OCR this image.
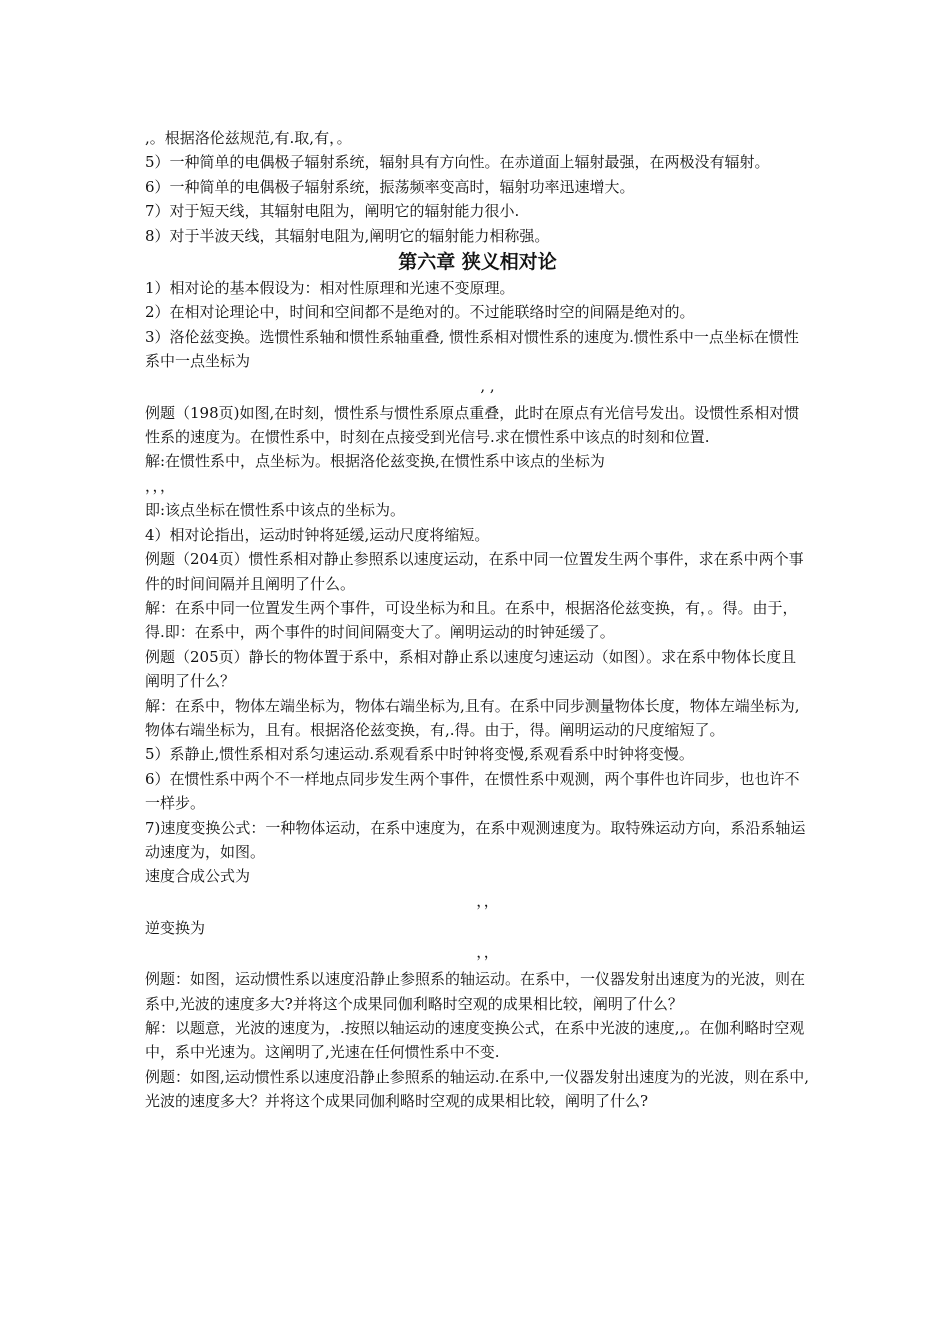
,。根据洛伦兹规范,有.取,有，。

5）一种简单的电偶极子辐射系统，辐射具有方向性。在赤道面上辐射最强，在两极没有辐射。

6）一种简单的电偶极子辐射系统，振荡频率变高时，辐射功率迅速增大。

7）对于短天线，其辐射电阻为，阐明它的辐射能力很小.

8）对于半波天线，其辐射电阻为,阐明它的辐射能力相称强。

第六章 狭义相对论

1）相对论的基本假设为：相对性原理和光速不变原理。

2）在相对论理论中，时间和空间都不是绝对的。不过能联络时空的间隔是绝对的。

3）洛伦兹变换。选惯性系轴和惯性系轴重叠, 惯性系相对惯性系的速度为.惯性系中一点坐标在惯性系中一点坐标为

, ,

例题（198页)如图,在时刻，惯性系与惯性系原点重叠，此时在原点有光信号发出。设惯性系相对惯性系的速度为。在惯性系中，时刻在点接受到光信号.求在惯性系中该点的时刻和位置.

解:在惯性系中，点坐标为。根据洛伦兹变换,在惯性系中该点的坐标为

，，，

即:该点坐标在惯性系中该点的坐标为。

4）相对论指出，运动时钟将延缓,运动尺度将缩短。

例题（204页）惯性系相对静止参照系以速度运动，在系中同一位置发生两个事件，求在系中两个事件的时间间隔并且阐明了什么。

解：在系中同一位置发生两个事件，可设坐标为和且。在系中，根据洛伦兹变换，有，。得。由于，得.即：在系中，两个事件的时间间隔变大了。阐明运动的时钟延缓了。

例题（205页）静长的物体置于系中，系相对静止系以速度匀速运动（如图）。求在系中物体长度且阐明了什么？

解：在系中，物体左端坐标为，物体右端坐标为,且有。在系中同步测量物体长度，物体左端坐标为,物体右端坐标为，且有。根据洛伦兹变换，有,.得。由于，得。阐明运动的尺度缩短了。

5）系静止,惯性系相对系匀速运动.系观看系中时钟将变慢,系观看系中时钟将变慢。

6）在惯性系中两个不一样地点同步发生两个事件，在惯性系中观测，两个事件也许同步，也也许不一样步。

7)速度变换公式：一种物体运动，在系中速度为，在系中观测速度为。取特殊运动方向，系沿系轴运动速度为，如图。

速度合成公式为

，，

逆变换为

，，

例题：如图，运动惯性系以速度沿静止参照系的轴运动。在系中，一仪器发射出速度为的光波，则在系中,光波的速度多大?并将这个成果同伽利略时空观的成果相比较，阐明了什么？

解：以题意，光波的速度为，.按照以轴运动的速度变换公式，在系中光波的速度,,。在伽利略时空观中，系中光速为。这阐明了,光速在任何惯性系中不变.

例题：如图,运动惯性系以速度沿静止参照系的轴运动.在系中,一仪器发射出速度为的光波，则在系中,光波的速度多大？并将这个成果同伽利略时空观的成果相比较，阐明了什么?
